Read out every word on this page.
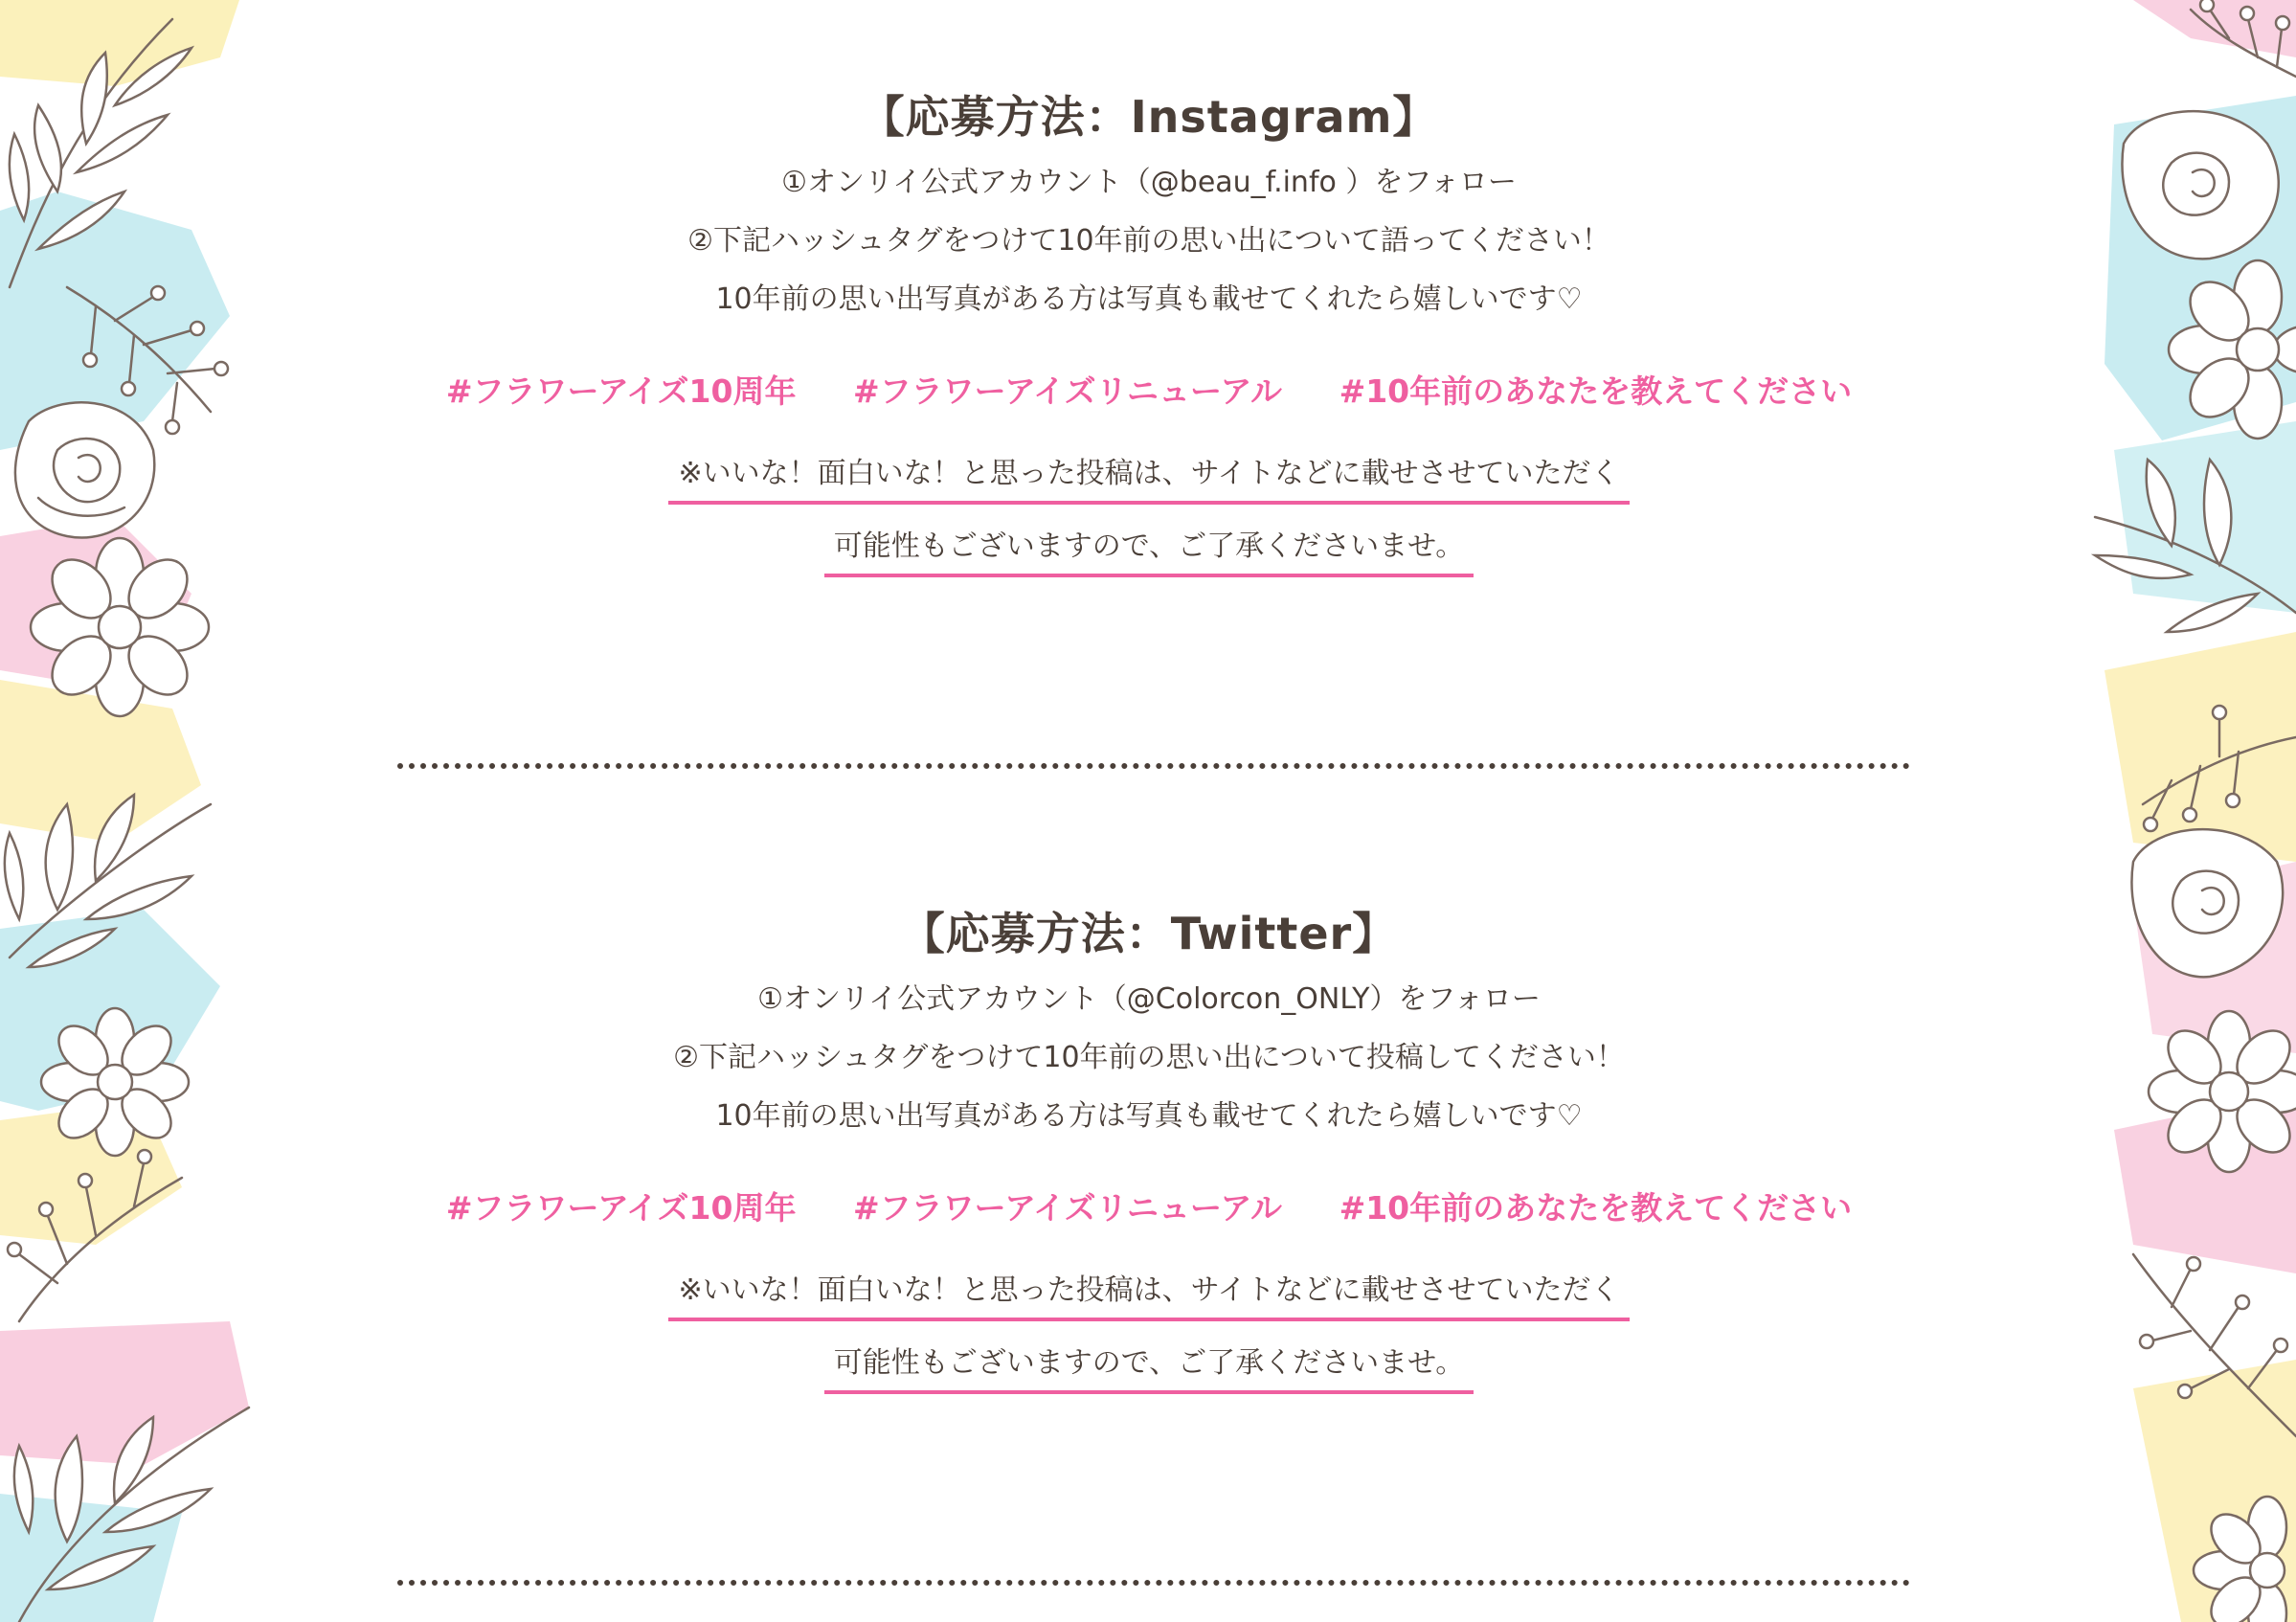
【応募方法：Instagram】
①オンリイ公式アカウント（@beau_f.info ）をフォロー
②下記ハッシュタグをつけて10年前の思い出について語ってください！
10年前の思い出写真がある方は写真も載せてくれたら嬉しいです♡
#フラワーアイズ10周年 #フラワーアイズリニューアル #10年前のあなたを教えてください
※いいな！面白いな！と思った投稿は、サイトなどに載せさせていただく
可能性もございますので、ご了承くださいませ。
【応募方法：Twitter】
①オンリイ公式アカウント（@Colorcon_ONLY）をフォロー
②下記ハッシュタグをつけて10年前の思い出について投稿してください！
10年前の思い出写真がある方は写真も載せてくれたら嬉しいです♡
#フラワーアイズ10周年 #フラワーアイズリニューアル #10年前のあなたを教えてください
※いいな！面白いな！と思った投稿は、サイトなどに載せさせていただく
可能性もございますので、ご了承くださいませ。
